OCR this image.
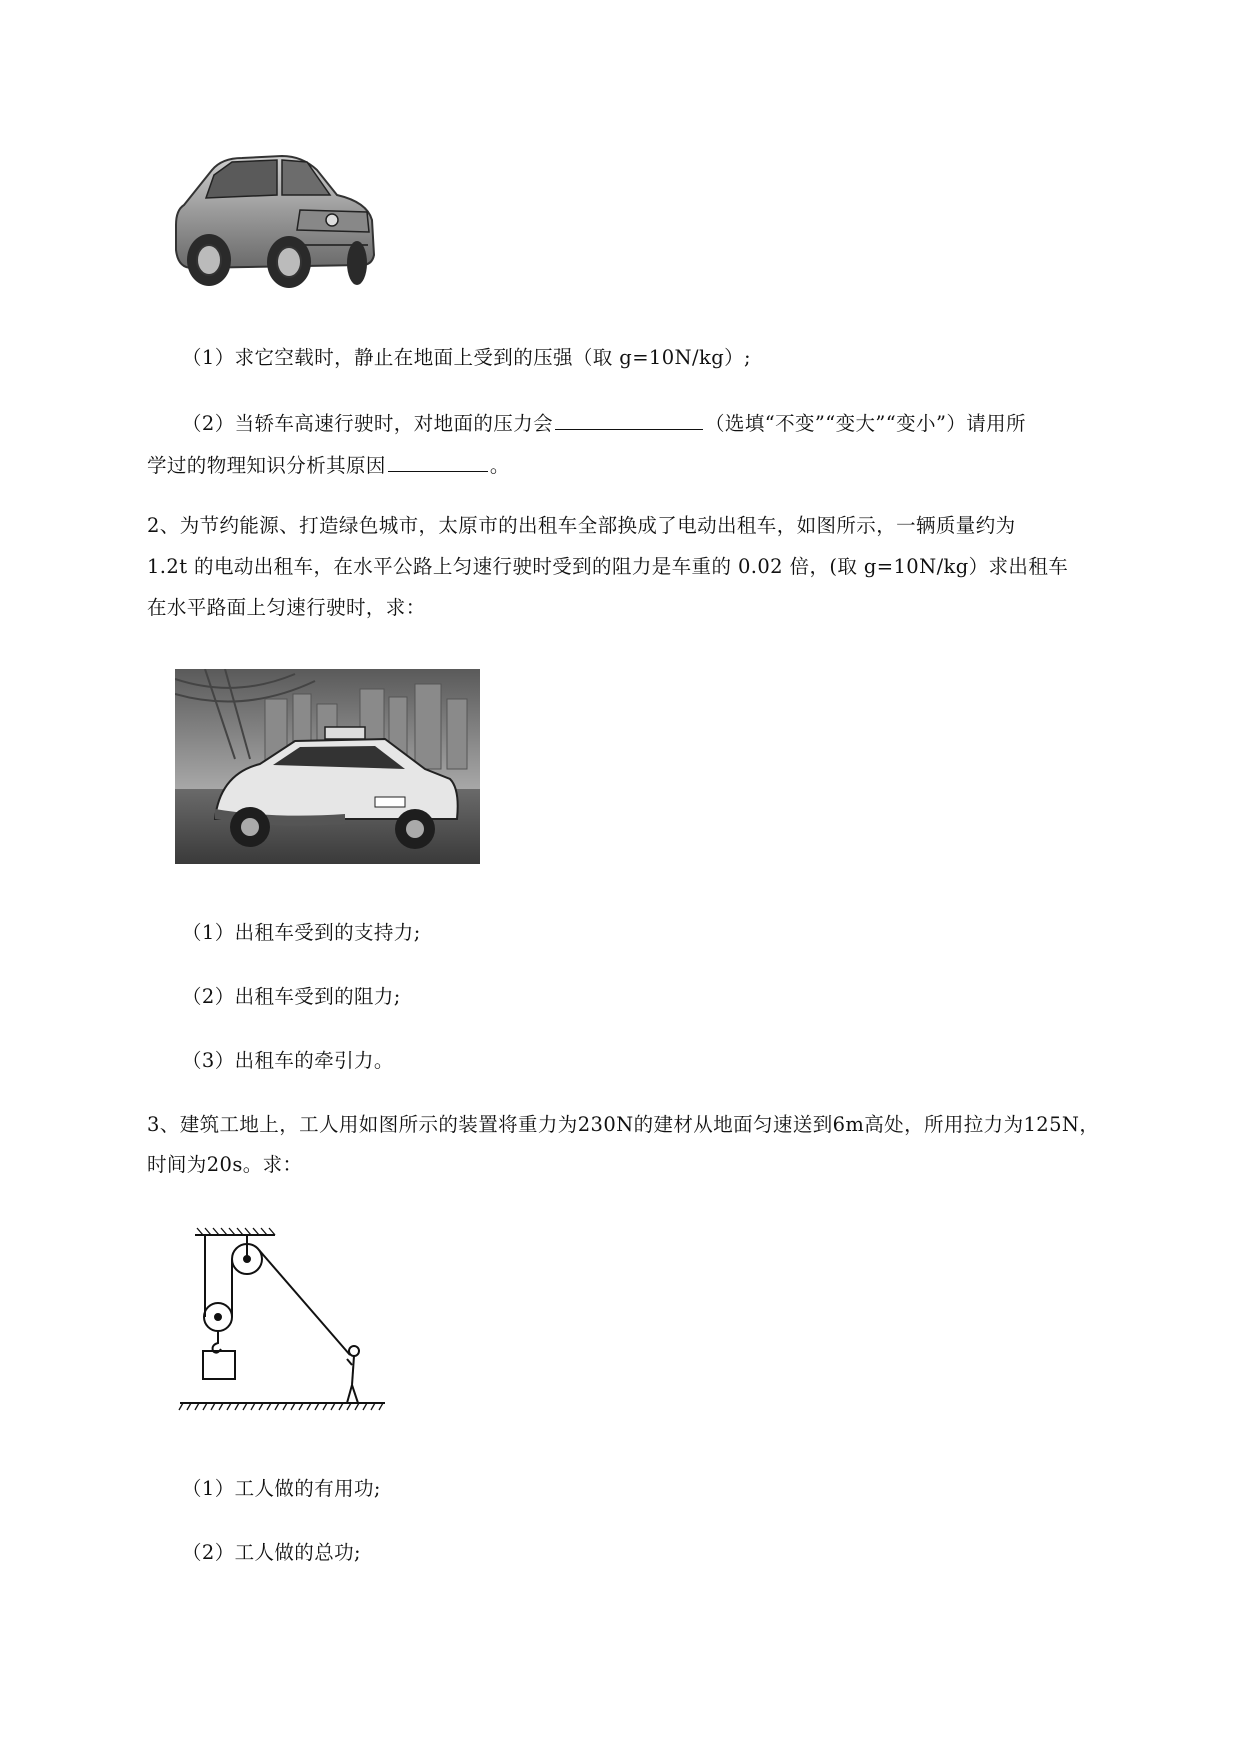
（1）求它空载时，静止在地面上受到的压强（取 g=10N/kg）;
（2）当轿车高速行驶时，对地面的压力会	（选填“不变”“变大”“变小”）请用所
学过的物理知识分析其原因	。
2、为节约能源、打造绿色城市，太原市的出租车全部换成了电动出租车，如图所示，一辆质量约为
1.2t 的电动出租车，在水平公路上匀速行驶时受到的阻力是车重的 0.02 倍，(取 g=10N/kg）求出租车
在水平路面上匀速行驶时，求：
（1）出租车受到的支持力;
（2）出租车受到的阻力;
（3）出租车的牵引力。
3、建筑工地上，工人用如图所示的装置将重力为230N的建材从地面匀速送到6m高处，所用拉力为125N，
时间为20s。求：
（1）工人做的有用功;
（2）工人做的总功;
